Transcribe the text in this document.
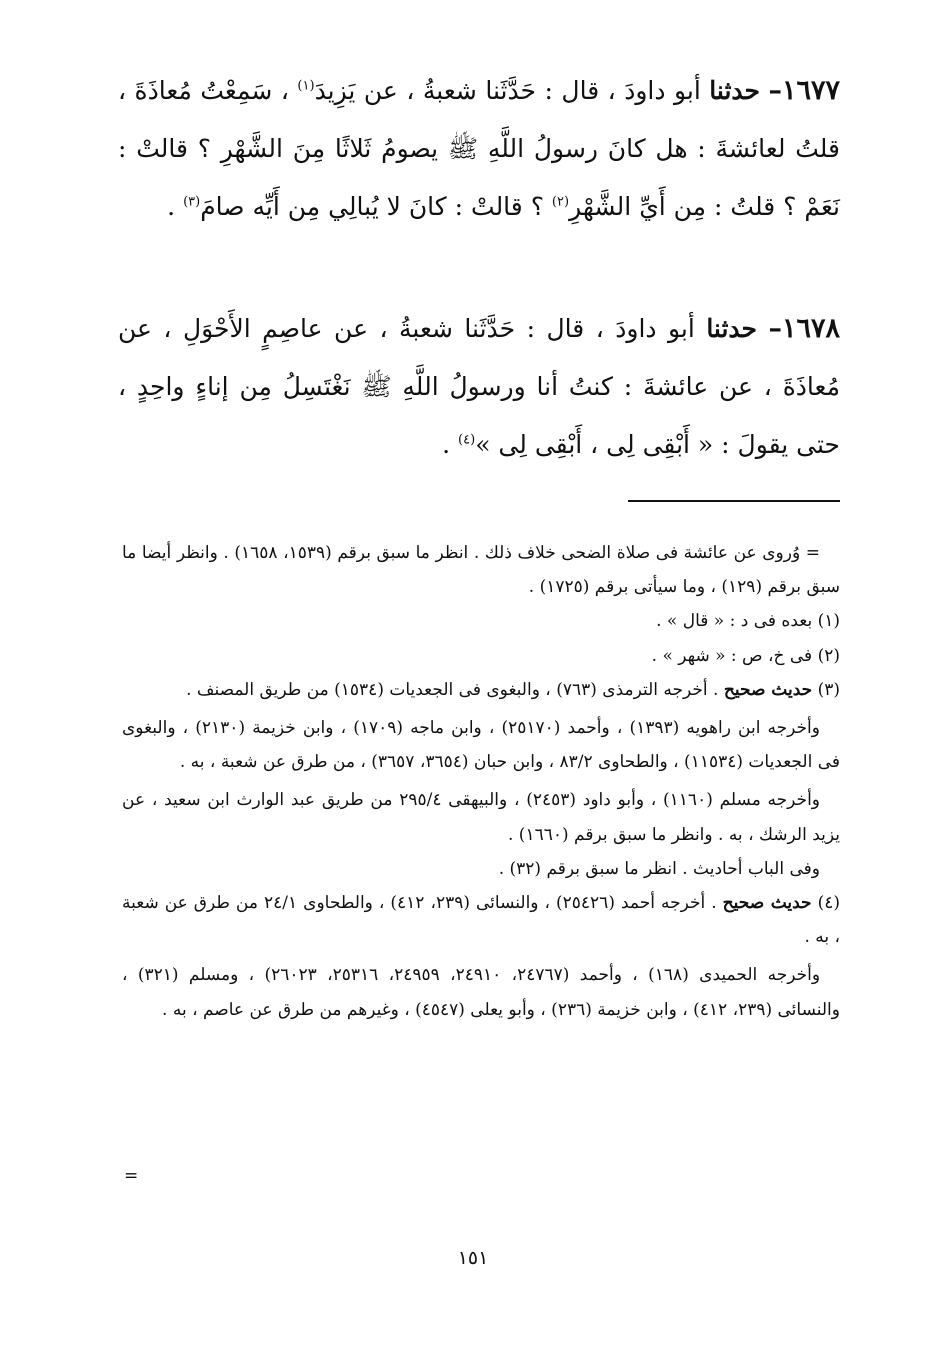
١٦٧٧– حدثنا أبو داودَ ، قال : حَدَّثَنا شعبةُ ، عن يَزِيدَ$^{(١)}$ ، سَمِعْتُ مُعاذَةَ ، قلتُ لعائشةَ : هل كانَ رسولُ اللَّهِ ﷺ يصومُ ثَلاثًا مِنَ الشَّهْرِ ؟ قالتْ : نَعَمْ ؟ قلتُ : مِن أَيِّ الشَّهْرِ$^{(٢)}$ ؟ قالتْ : كانَ لا يُبالِي مِن أَيِّه صامَ$^{(٣)}$ .
١٦٧٨– حدثنا أبو داودَ ، قال : حَدَّثَنا شعبةُ ، عن عاصِمٍ الأَحْوَلِ ، عن مُعاذَةَ ، عن عائشةَ : كنتُ أنا ورسولُ اللَّهِ ﷺ نَغْتَسِلُ مِن إناءٍ واحِدٍ ، حتى يقولَ : « أَبْقِى لِى ، أَبْقِى لِى »$^{(٤)}$ .

= وُروى عن عائشة فى صلاة الضحى خلاف ذلك . انظر ما سبق برقم (١٥٣٩، ١٦٥٨) . وانظر أيضا ما سبق برقم (١٢٩) ، وما سيأتى برقم (١٧٢٥) .

(١) بعده فى د : « قال » .

(٢) فى خ، ص : « شهر » .

(٣) حديث صحيح . أخرجه الترمذى (٧٦٣) ، والبغوى فى الجعديات (١٥٣٤) من طريق المصنف .

وأخرجه ابن راهويه (١٣٩٣) ، وأحمد (٢٥١٧٠) ، وابن ماجه (١٧٠٩) ، وابن خزيمة (٢١٣٠) ، والبغوى فى الجعديات (١١٥٣٤) ، والطحاوى ٨٣/٢ ، وابن حبان (٣٦٥٤، ٣٦٥٧) ، من طرق عن شعبة ، به .

وأخرجه مسلم (١١٦٠) ، وأبو داود (٢٤٥٣) ، والبيهقى ٢٩٥/٤ من طريق عبد الوارث ابن سعيد ، عن يزيد الرشك ، به . وانظر ما سبق برقم (١٦٦٠) .

وفى الباب أحاديث . انظر ما سبق برقم (٣٢) .

(٤) حديث صحيح . أخرجه أحمد (٢٥٤٢٦) ، والنسائى (٢٣٩، ٤١٢) ، والطحاوى ٢٤/١ من طرق عن شعبة ، به .

وأخرجه الحميدى (١٦٨) ، وأحمد (٢٤٧٦٧، ٢٤٩١٠، ٢٤٩٥٩، ٢٥٣١٦، ٢٦٠٢٣) ، ومسلم (٣٢١) ، والنسائى (٢٣٩، ٤١٢) ، وابن خزيمة (٢٣٦) ، وأبو يعلى (٤٥٤٧) ، وغيرهم من طرق عن عاصم ، به .

=
١٥١
